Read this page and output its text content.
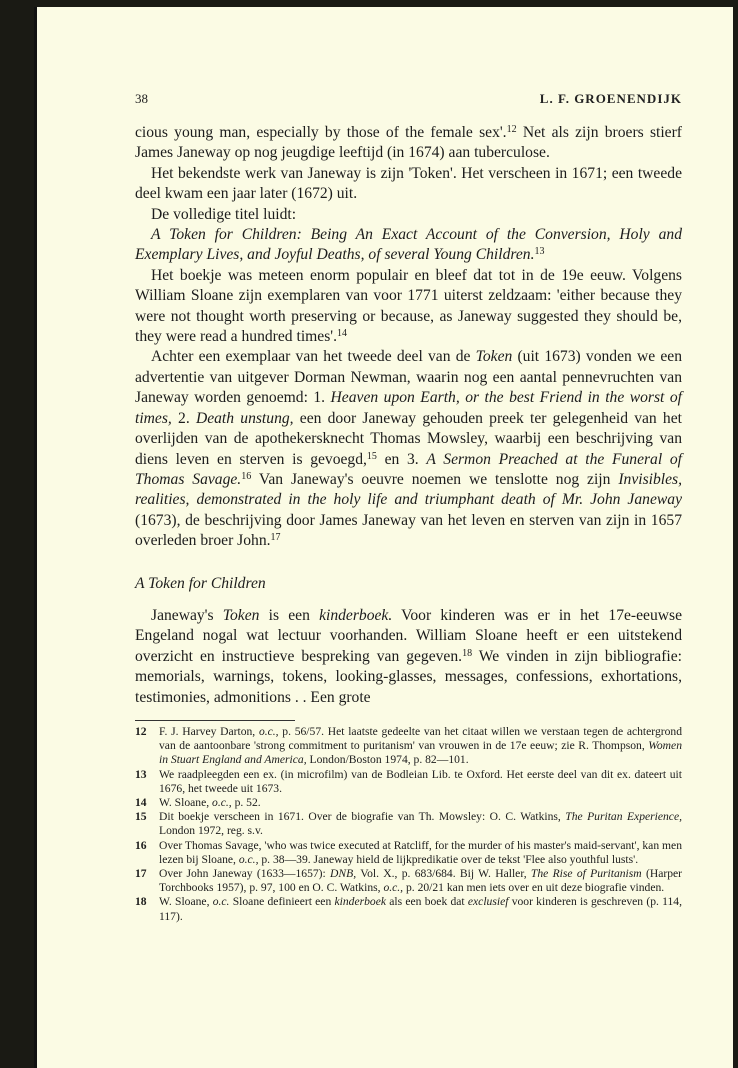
38	L. F. GROENENDIJK

cious young man, especially by those of the female sex'.$^{12}$ Net als zijn broers stierf James Janeway op nog jeugdige leeftijd (in 1674) aan tuberculose.

Het bekendste werk van Janeway is zijn 'Token'. Het verscheen in 1671; een tweede deel kwam een jaar later (1672) uit.

De volledige titel luidt:

A Token for Children: Being An Exact Account of the Conversion, Holy and Exemplary Lives, and Joyful Deaths, of several Young Children.$^{13}$

Het boekje was meteen enorm populair en bleef dat tot in de 19e eeuw. Volgens William Sloane zijn exemplaren van voor 1771 uiterst zeldzaam: 'either because they were not thought worth preserving or because, as Janeway suggested they should be, they were read a hundred times'.$^{14}$

Achter een exemplaar van het tweede deel van de Token (uit 1673) vonden we een advertentie van uitgever Dorman Newman, waarin nog een aantal pennevruchten van Janeway worden genoemd: 1. Heaven upon Earth, or the best Friend in the worst of times, 2. Death unstung, een door Janeway gehouden preek ter gelegenheid van het overlijden van de apothekersknecht Thomas Mowsley, waarbij een beschrijving van diens leven en sterven is gevoegd,$^{15}$ en 3. A Sermon Preached at the Funeral of Thomas Savage.$^{16}$ Van Janeway's oeuvre noemen we tenslotte nog zijn Invisibles, realities, demonstrated in the holy life and triumphant death of Mr. John Janeway (1673), de beschrijving door James Janeway van het leven en sterven van zijn in 1657 overleden broer John.$^{17}$

A Token for Children

Janeway's Token is een kinderboek. Voor kinderen was er in het 17e-eeuwse Engeland nogal wat lectuur voorhanden. William Sloane heeft er een uitstekend overzicht en instructieve bespreking van gegeven.$^{18}$ We vinden in zijn bibliografie: memorials, warnings, tokens, looking-glasses, messages, confessions, exhortations, testimonies, admonitions . . Een grote

12	F. J. Harvey Darton, o.c., p. 56/57. Het laatste gedeelte van het citaat willen we verstaan tegen de achtergrond van de aantoonbare 'strong commitment to puritanism' van vrouwen in de 17e eeuw; zie R. Thompson, Women in Stuart England and America, London/Boston 1974, p. 82—101.
13	We raadpleegden een ex. (in microfilm) van de Bodleian Lib. te Oxford. Het eerste deel van dit ex. dateert uit 1676, het tweede uit 1673.
14	W. Sloane, o.c., p. 52.
15	Dit boekje verscheen in 1671. Over de biografie van Th. Mowsley: O. C. Watkins, The Puritan Experience, London 1972, reg. s.v.
16	Over Thomas Savage, 'who was twice executed at Ratcliff, for the murder of his master's maid-servant', kan men lezen bij Sloane, o.c., p. 38—39. Janeway hield de lijkpredikatie over de tekst 'Flee also youthful lusts'.
17	Over John Janeway (1633—1657): DNB, Vol. X., p. 683/684. Bij W. Haller, The Rise of Puritanism (Harper Torchbooks 1957), p. 97, 100 en O. C. Watkins, o.c., p. 20/21 kan men iets over en uit deze biografie vinden.
18	W. Sloane, o.c. Sloane definieert een kinderboek als een boek dat exclusief voor kinderen is geschreven (p. 114, 117).
